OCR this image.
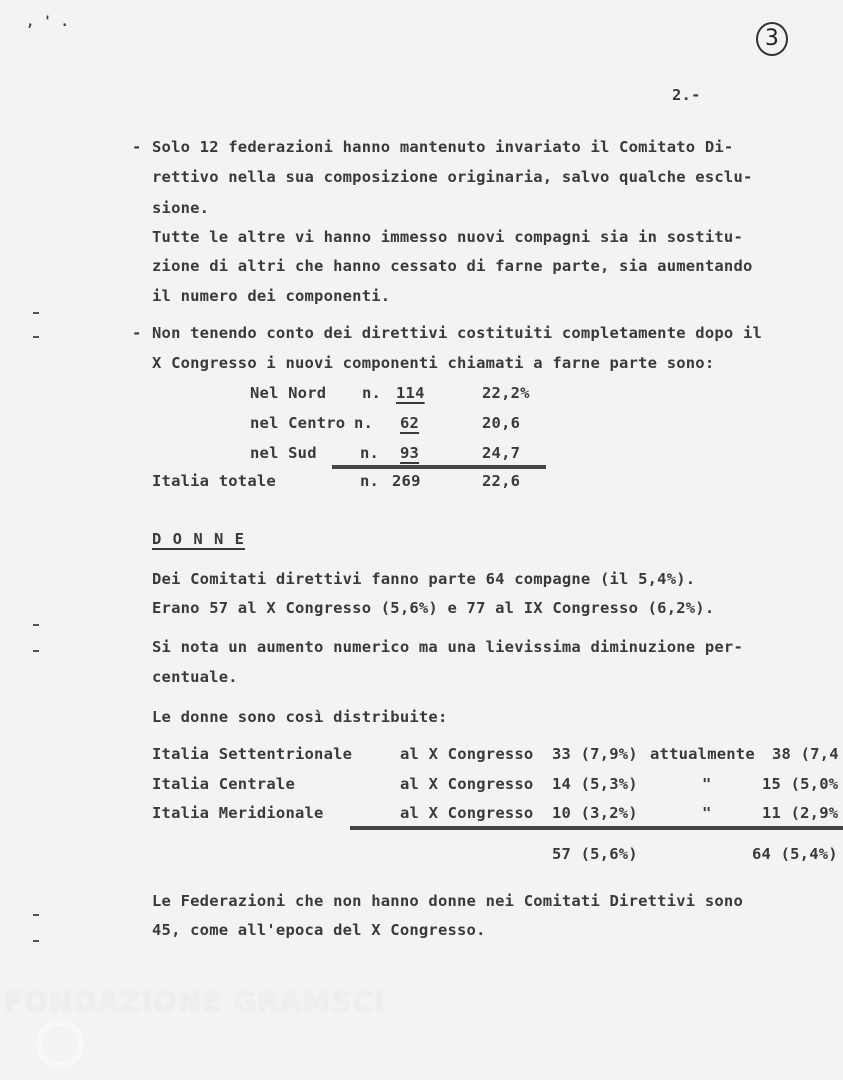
, ' .
3
2.-
- Solo 12 federazioni hanno mantenuto invariato il Comitato Di-
rettivo nella sua composizione originaria, salvo qualche esclu-
sione.
Tutte le altre vi hanno immesso nuovi compagni sia in sostitu-
zione di altri che hanno cessato di farne parte, sia aumentando
il numero dei componenti.
- Non tenendo conto dei direttivi costituiti completamente dopo il
X Congresso i nuovi componenti chiamati a farne parte sono:
Nel Nord n. 114	22,2%
nel Centro n. 62	20,6
nel Sud	n. 93	24,7
Italia totale	n. 269	22,6
D O N N E
Dei Comitati direttivi fanno parte 64 compagne (il 5,4%).
Erano 57 al X Congresso (5,6%) e 77 al IX Congresso (6,2%).
Si nota un aumento numerico ma una lievissima diminuzione per-
centuale.
Le donne sono così distribuite:
Italia Settentrionale	al X Congresso 33 (7,9%) attualmente 38 (7,4
Italia Centrale	al X Congresso 14 (5,3%)	"	15 (5,0%
Italia Meridionale	al X Congresso 10 (3,2%)	"	11 (2,9%
57 (5,6%)	64 (5,4%)
Le Federazioni che non hanno donne nei Comitati Direttivi sono
45, come all'epoca del X Congresso.
FONDAZIONE GRAMSCI
